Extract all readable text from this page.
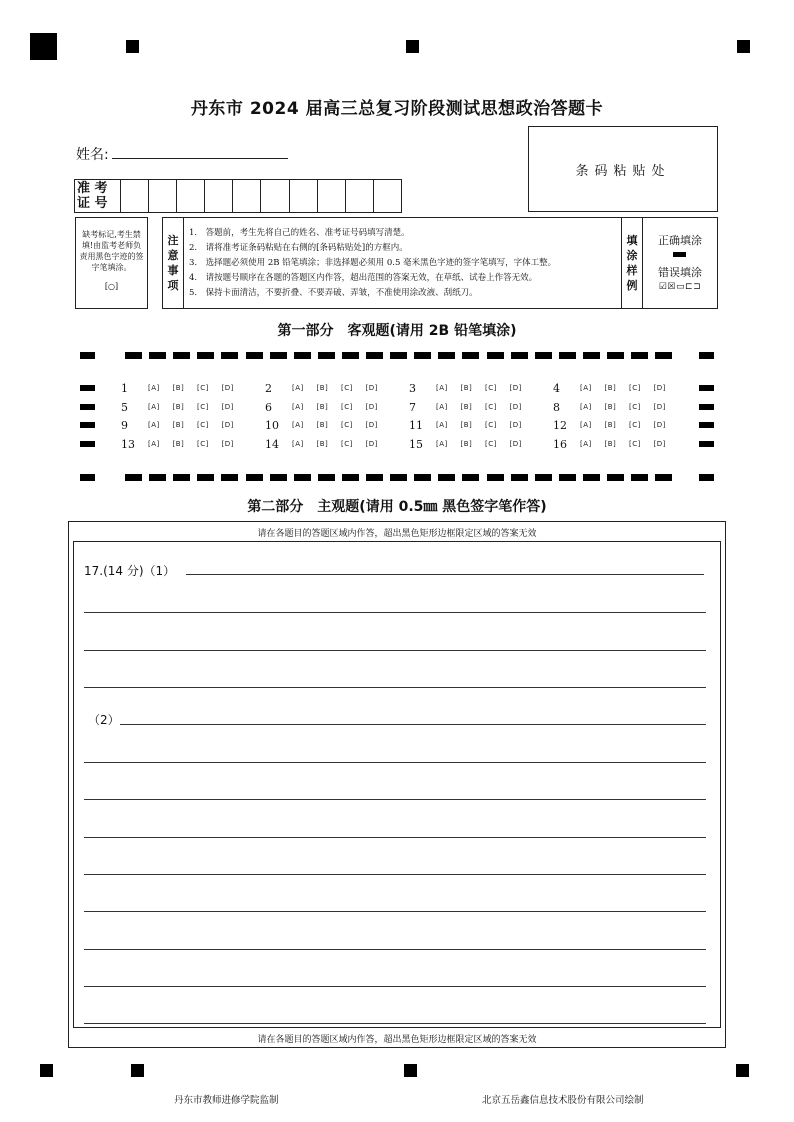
丹东市 2024 届高三总复习阶段测试思想政治答题卡
姓名:
条码粘贴处
准 考
证 号
缺考标记,考生禁填!由监考老师负责用黑色字迹的签字笔填涂。
[○]
注
意
事
项
1.　答题前，考生先将自己的姓名、准考证号码填写清楚。
2.　请将准考证条码粘贴在右侧的[条码粘贴处]的方框内。
3.　选择题必须使用 2B 铅笔填涂；非选择题必须用 0.5 毫米黑色字迹的签字笔填写，字体工整。
4.　请按题号顺序在各题的答题区内作答，超出范围的答案无效，在草纸、试卷上作答无效。
5.　保持卡面清洁，不要折叠、不要弄破、弄皱，不准使用涂改液、刮纸刀。
填
涂
样
例
正确填涂
错误填涂
☑☒▭⊏⊐
第一部分　客观题(请用 2B 铅笔填涂)
1	[A] [B] [C] [D]	2	[A] [B] [C] [D]	3	[A] [B] [C] [D]	4	[A] [B] [C] [D]
5	[A] [B] [C] [D]	6	[A] [B] [C] [D]	7	[A] [B] [C] [D]	8	[A] [B] [C] [D]
9	[A] [B] [C] [D]	10 [A] [B] [C] [D]	11 [A] [B] [C] [D]	12 [A] [B] [C] [D]
13 [A] [B] [C] [D]	14 [A] [B] [C] [D]	15 [A] [B] [C] [D]	16 [A] [B] [C] [D]
第二部分　主观题(请用 0.5㎜ 黑色签字笔作答)
请在各题目的答题区域内作答，超出黑色矩形边框限定区域的答案无效
请在各题目的答题区域内作答，超出黑色矩形边框限定区域的答案无效
17.(14 分)（1）
（2）
丹东市教师进修学院监制	北京五岳鑫信息技术股份有限公司绘制
